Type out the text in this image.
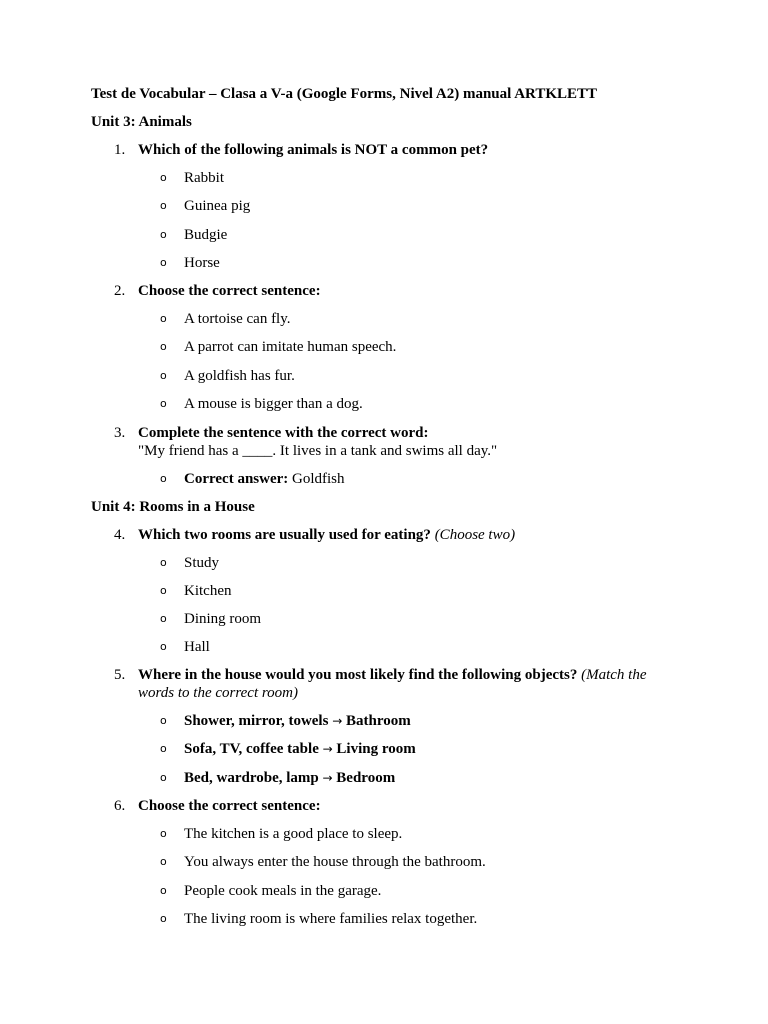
Test de Vocabular – Clasa a V-a (Google Forms, Nivel A2) manual ARTKLETT
Unit 3: Animals
1. Which of the following animals is NOT a common pet?
o	Rabbit
o	Guinea pig
o	Budgie
o	Horse
2. Choose the correct sentence:
o	A tortoise can fly.
o	A parrot can imitate human speech.
o	A goldfish has fur.
o	A mouse is bigger than a dog.
3. Complete the sentence with the correct word:
"My friend has a ____. It lives in a tank and swims all day."
o	Correct answer: Goldfish
Unit 4: Rooms in a House
4. Which two rooms are usually used for eating? (Choose two)
o	Study
o	Kitchen
o	Dining room
o	Hall
5. Where in the house would you most likely find the following objects? (Match the
words to the correct room)
o	Shower, mirror, towels → Bathroom
o	Sofa, TV, coffee table → Living room
o	Bed, wardrobe, lamp → Bedroom
6. Choose the correct sentence:
o	The kitchen is a good place to sleep.
o	You always enter the house through the bathroom.
o	People cook meals in the garage.
o	The living room is where families relax together.
